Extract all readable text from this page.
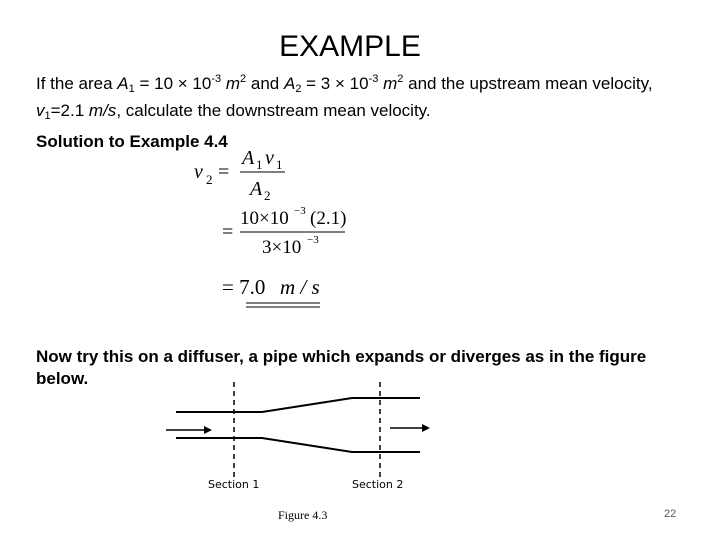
EXAMPLE
If the area $A_1 = 10 \times 10^{-3}$ $m^2$ and $A_2 = 3 \times 10^{-3}$ $m^2$ and the upstream mean velocity, $v_1=2.1$ m/s, calculate the downstream mean velocity.
Solution to Example 4.4
v 2 =
A 1 v 1
A 2
=
10×10 −3 (2.1)
3×10 −3
= 7.0 m / s
Now try this on a diffuser, a pipe which expands or diverges as in the figure below.
Section 1	Section 2
Figure 4.3	22
